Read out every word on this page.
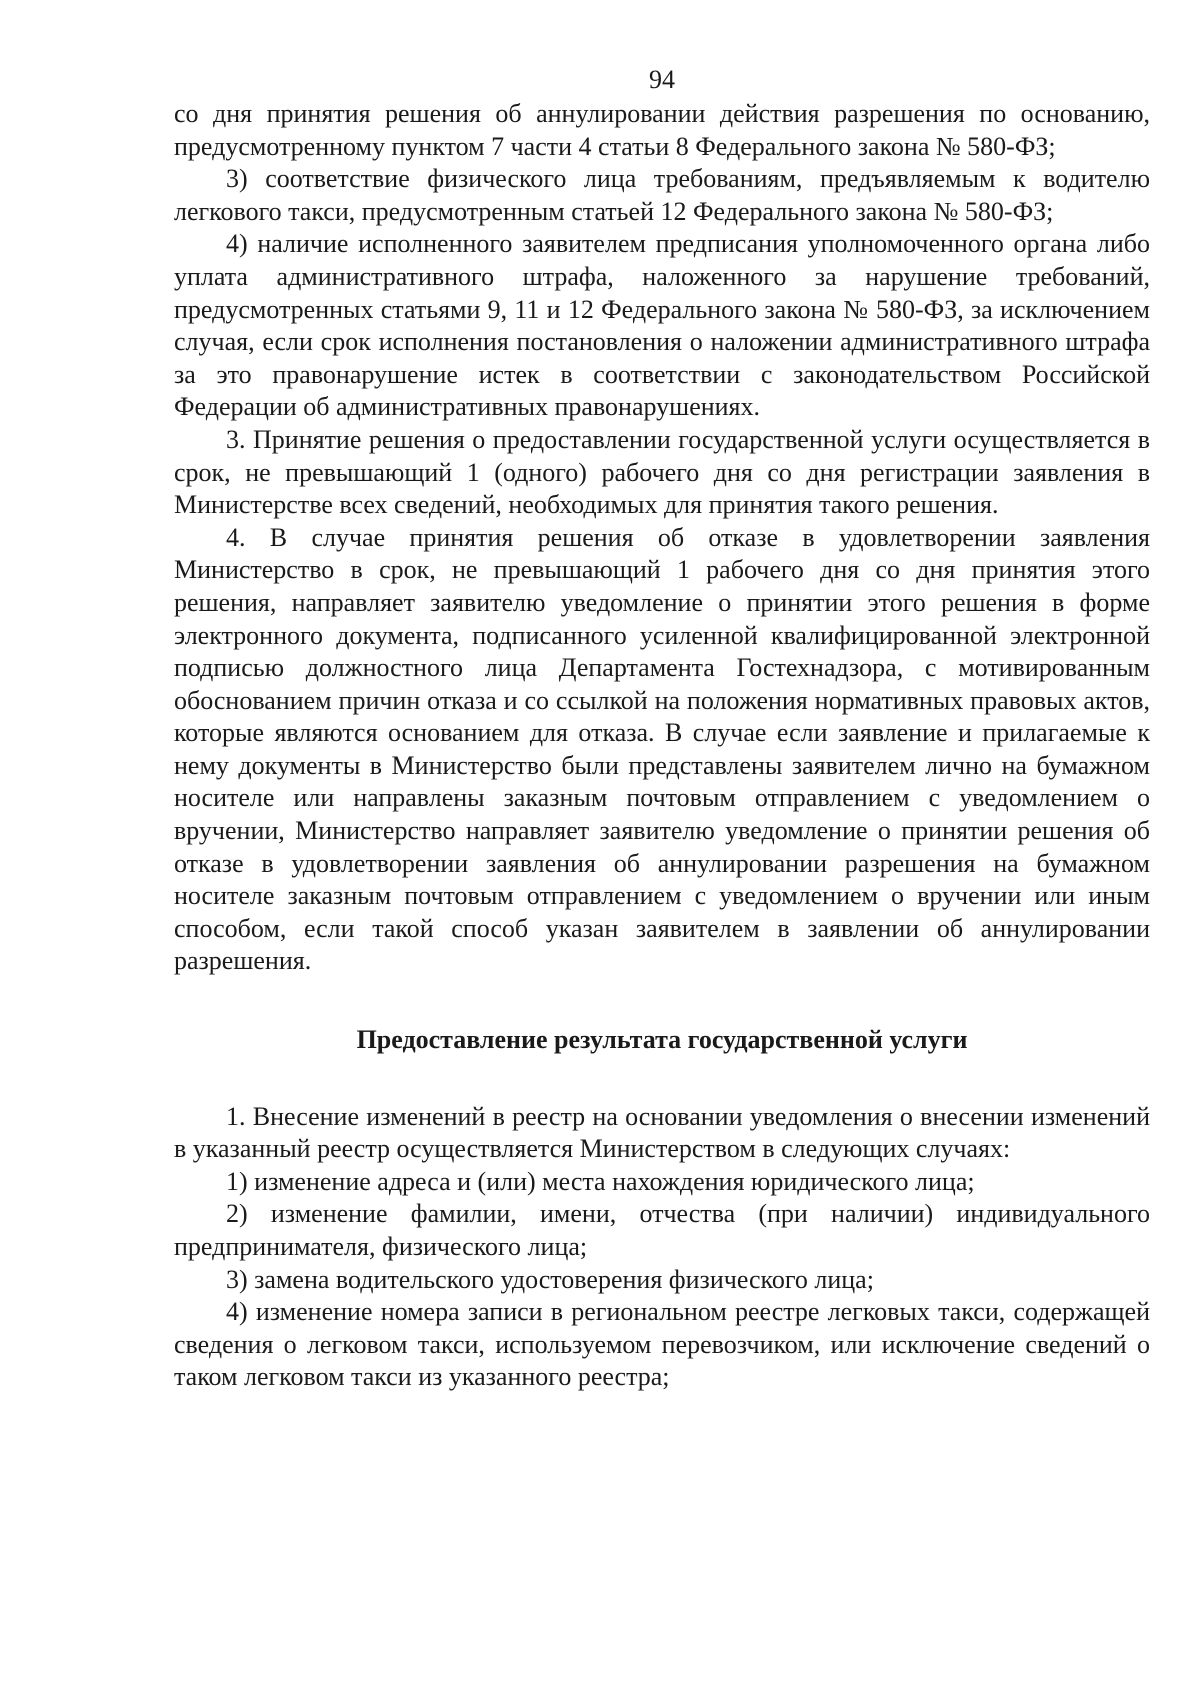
94

со дня принятия решения об аннулировании действия разрешения по основанию, предусмотренному пунктом 7 части 4 статьи 8 Федерального закона № 580-ФЗ;

3) соответствие физического лица требованиям, предъявляемым к водителю легкового такси, предусмотренным статьей 12 Федерального закона № 580-ФЗ;

4) наличие исполненного заявителем предписания уполномоченного органа либо уплата административного штрафа, наложенного за нарушение требований, предусмотренных статьями 9, 11 и 12 Федерального закона № 580-ФЗ, за исключением случая, если срок исполнения постановления о наложении административного штрафа за это правонарушение истек в соответствии с законодательством Российской Федерации об административных правонарушениях.

3. Принятие решения о предоставлении государственной услуги осуществляется в срок, не превышающий 1 (одного) рабочего дня со дня регистрации заявления в Министерстве всех сведений, необходимых для принятия такого решения.

4. В случае принятия решения об отказе в удовлетворении заявления Министерство в срок, не превышающий 1 рабочего дня со дня принятия этого решения, направляет заявителю уведомление о принятии этого решения в форме электронного документа, подписанного усиленной квалифицированной электронной подписью должностного лица Департамента Гостехнадзора, с мотивированным обоснованием причин отказа и со ссылкой на положения нормативных правовых актов, которые являются основанием для отказа. В случае если заявление и прилагаемые к нему документы в Министерство были представлены заявителем лично на бумажном носителе или направлены заказным почтовым отправлением с уведомлением о вручении, Министерство направляет заявителю уведомление о принятии решения об отказе в удовлетворении заявления об аннулировании разрешения на бумажном носителе заказным почтовым отправлением с уведомлением о вручении или иным способом, если такой способ указан заявителем в заявлении об аннулировании разрешения.

Предоставление результата государственной услуги

1. Внесение изменений в реестр на основании уведомления о внесении изменений в указанный реестр осуществляется Министерством в следующих случаях:

1) изменение адреса и (или) места нахождения юридического лица;

2) изменение фамилии, имени, отчества (при наличии) индивидуального предпринимателя, физического лица;

3) замена водительского удостоверения физического лица;

4) изменение номера записи в региональном реестре легковых такси, содержащей сведения о легковом такси, используемом перевозчиком, или исключение сведений о таком легковом такси из указанного реестра;
